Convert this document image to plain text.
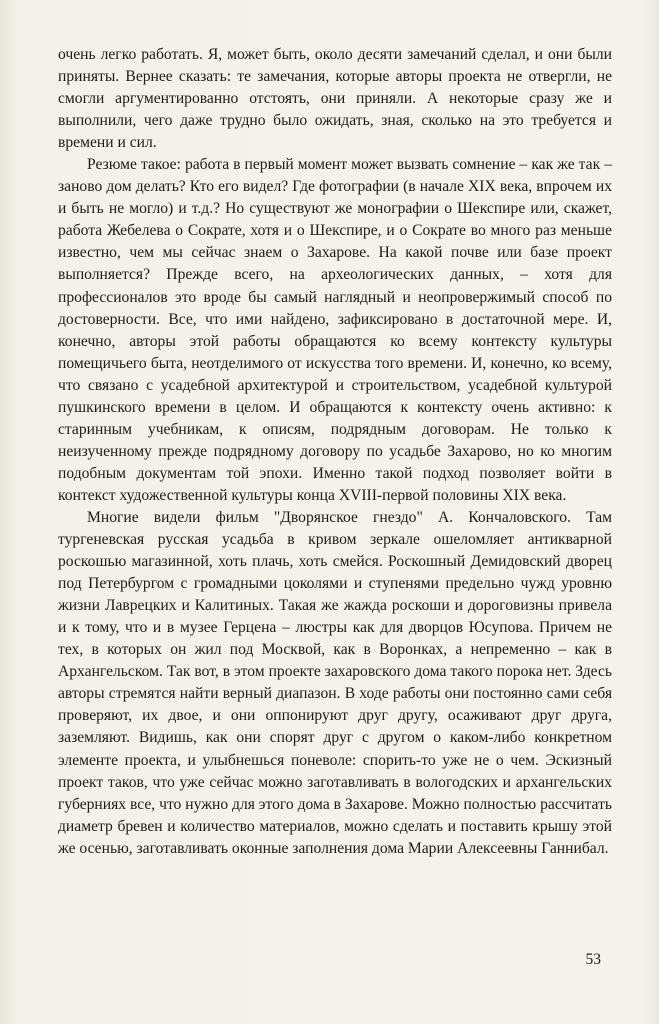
очень легко работать. Я, может быть, около десяти замечаний сделал, и они были приняты. Вернее сказать: те замечания, которые авторы проекта не отвергли, не смогли аргументированно отстоять, они приняли. А некоторые сразу же и выполнили, чего даже трудно было ожидать, зная, сколько на это требуется и времени и сил.

Резюме такое: работа в первый момент может вызвать сомнение – как же так – заново дом делать? Кто его видел? Где фотографии (в начале XIX века, впрочем их и быть не могло) и т.д.? Но существуют же монографии о Шекспире или, скажет, работа Жебелева о Сократе, хотя и о Шекспире, и о Сократе во много раз меньше известно, чем мы сейчас знаем о Захарове. На какой почве или базе проект выполняется? Прежде всего, на археологических данных, – хотя для профессионалов это вроде бы самый наглядный и неопровержимый способ по достоверности. Все, что ими найдено, зафиксировано в достаточной мере. И, конечно, авторы этой работы обращаются ко всему контексту культуры помещичьего быта, неотделимого от искусства того времени. И, конечно, ко всему, что связано с усадебной архитектурой и строительством, усадебной культурой пушкинского времени в целом. И обращаются к контексту очень активно: к старинным учебникам, к описям, подрядным договорам. Не только к неизученному прежде подрядному договору по усадьбе Захарово, но ко многим подобным документам той эпохи. Именно такой подход позволяет войти в контекст художественной культуры конца XVIII-первой половины XIX века.

Многие видели фильм "Дворянское гнездо" А. Кончаловского. Там тургеневская русская усадьба в кривом зеркале ошеломляет антикварной роскошью магазинной, хоть плачь, хоть смейся. Роскошный Демидовский дворец под Петербургом с громадными цоколями и ступенями предельно чужд уровню жизни Лаврецких и Калитиных. Такая же жажда роскоши и дороговизны привела и к тому, что и в музее Герцена – люстры как для дворцов Юсупова. Причем не тех, в которых он жил под Москвой, как в Воронках, а непременно – как в Архангельском. Так вот, в этом проекте захаровского дома такого порока нет. Здесь авторы стремятся найти верный диапазон. В ходе работы они постоянно сами себя проверяют, их двое, и они оппонируют друг другу, осаживают друг друга, заземляют. Видишь, как они спорят друг с другом о каком-либо конкретном элементе проекта, и улыбнешься поневоле: спорить-то уже не о чем. Эскизный проект таков, что уже сейчас можно заготавливать в вологодских и архангельских губерниях все, что нужно для этого дома в Захарове. Можно полностью рассчитать диаметр бревен и количество материалов, можно сделать и поставить крышу этой же осенью, заготавливать оконные заполнения дома Марии Алексеевны Ганнибал.

53
